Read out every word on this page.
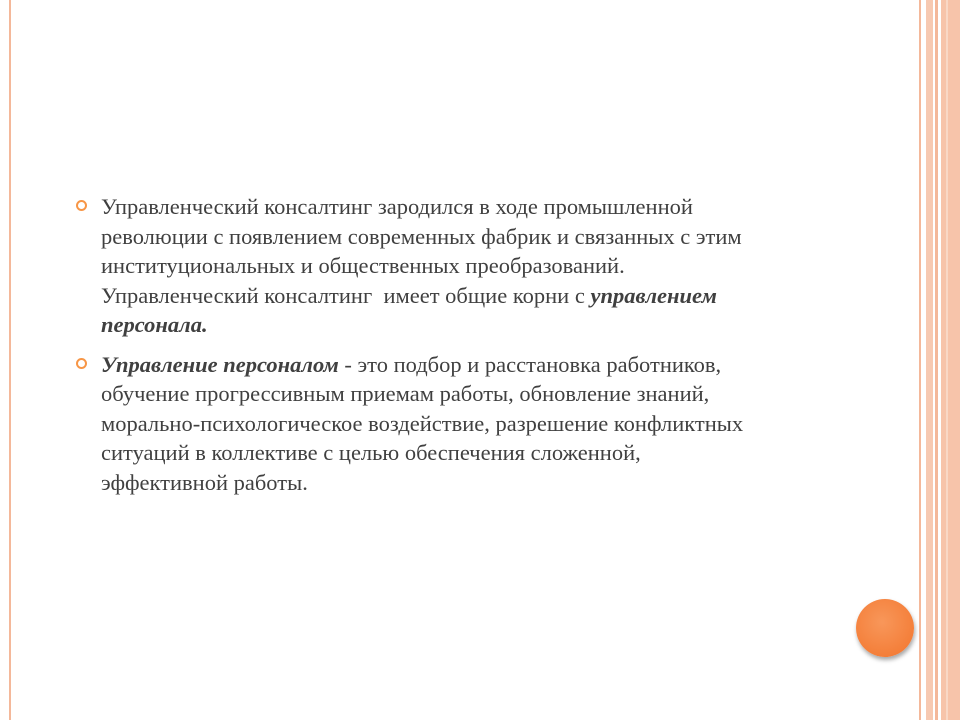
Управленческий консалтинг зародился в ходе промышленной
революции с появлением современных фабрик и связанных с этим
институциональных и общественных преобразований.
Управленческий консалтинг  имеет общие корни с управлением
персонала.
Управление персоналом - это подбор и расстановка работников,
обучение прогрессивным приемам работы, обновление знаний,
морально-психологическое воздействие, разрешение конфликтных
ситуаций в коллективе с целью обеспечения сложенной,
эффективной работы.
